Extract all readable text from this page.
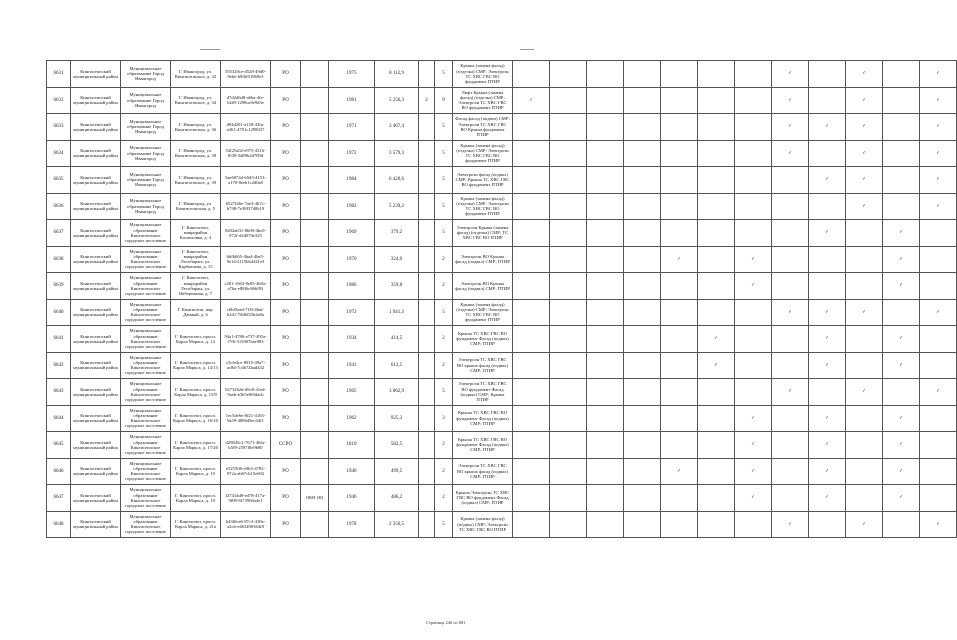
6631	Кингисеппский муниципальный район	Муниципальное образование Город Ивангород	Г. Ивангород, ул. Кингисеппское, д. 32	555320ce-d528-49d0-9ebe-b9f6f01969e3	РО		1975	8 112,9		5	Крыша (замена фасад) (отделка) СМР; Электроэн ТС ХВС ГВС ВО фундамент ПТИР								✓		✓		✓
6632	Кингисеппский муниципальный район	Муниципальное образование Город Ивангород	Г. Ивангород, ул. Кингисеппское, д. 34	d7d2d6d8-a6ba-4fe-bf28-1298ca9e9d3e	РО		1981	5 256,3	2	9	Лифт Крыша (замена фасад) (отделка) СМР; Электроэн ТС ХВС ГВС ВО фундамент ПТИР	✓							✓		✓		✓
6633	Кингисеппский муниципальный район	Муниципальное образование Город Ивангород	Г. Ивангород, ул. Кингисеппская, д. 36	d94d291-a158-43fa-a461-4701c1298037	РО		1971	3 467,4		5	Фасад фасад (подвал) СМР; Электроэн ТС ХВС ГВС ВО Крыша фундамент ПТИР								✓	✓	✓		✓
6634	Кингисеппский муниципальный район	Муниципальное образование Город Ивангород	Г. Ивангород, ул. Кингисеппская, д. 38	54f25a02-e975-4316-8f39-5d89b2d789d	РО		1972	3 579,3		5	Крыша (замена фасад) (отделка) СМР; Электроэн ТС ХВС ГВС ВО фундамент ПТИР								✓		✓		✓
6635	Кингисеппский муниципальный район	Муниципальное образование Город Ивангород	Г. Ивангород, ул. Кингисеппское, д. 39	5ae6074d-b5d3-4153-a170-8eeb1c2d0a8	РО		1984	6 420,6		5	Электроэн фасад (подвал) СМР; Крыша ТС ХВС ГВС ВО фундамент ПТИР									✓	✓		✓
6636	Кингисеппский муниципальный район	Муниципальное образование Город Ивангород	Г. Ивангород, ул. Кингисеппская, д. 5	6527f46e-7ae3-4b7c-b798-7e38f37d0b19	РО		1982	5 239,2		5	Крыша (замена фасад) (отделка) СМР; Электроэн ТС ХВС ГВС ВО фундамент ПТИР										✓		✓
6637	Кингисеппский муниципальный район	Муниципальное образование Кингисеппское городское поселение	Г. Кингисепп, микрорайон Касколовка, д. 4	8202a631-8b00-4bc0-972f-d2d070e325	РО		1969	379,2		5	Электроэн Крыша (замена фасад) (отделка) СМР; ТС ХВС ГВС ВО ПТИР									✓		✓	
6638	Кингисеппский муниципальный район	Муниципальное образование Кингисеппское городское поселение	Г. Кингисепп, микрорайон Лесобиржа, ул. Карбышева, д. 15	b6fb065-4ba4-4be5-9e14-2115bb4441e3	РО		1970	324,0		2	Электроэн ВО Крыша фасад (подвал) СМР; ПТИР					✓		✓				✓	
6639	Кингисеппский муниципальный район	Муниципальное образование Кингисеппское городское поселение	Г. Кингисепп, микрорайон Лесобиржа, ул. Набережная, д. 7	c281-1663-8e83-4b9a-a7ba-e88f6c866f93	РО		1986	359,8		2	Электроэн ВО Крыша фасад (подвал) СМР; ПТИР							✓				✓	
6640	Кингисеппский муниципальный район	Муниципальное образование Кингисеппское городское поселение	Г. Кингисепп, пер. Дачный, д. 6	c6bf5ead-7f3f-4baf-b241-7fb8d35b4a9a	РО		1972	1 941,3		5	Крыша (замена фасад) (отделка) СМР; Электроэн ТС ХВС ГВС ВО фундамент ПТИР								✓	✓	✓		✓
6641	Кингисеппский муниципальный район	Муниципальное образование Кингисеппское городское поселение	Г. Кингисепп, просп. Карла Маркса, д. 12	94a1-4786-a737-495a-f7f6-3159076ae983	РО		1934	414,5		2	Крыша ТС ХВС ГВС ВО фундамент Фасад (подвал) СМР; ПТИР						✓			✓		✓	
6642	Кингисеппский муниципальный район	Муниципальное образование Кингисеппское городское поселение	Г. Кингисепп, просп. Карла Маркса, д. 14/13	c5cfe4ce-8815-49a7-ac8d-7c4b72bad432	РО		1941	612,5		2	Электроэн ТС ХВС ГВС ВО крыша фасад (подвал) СМР; ПТИР						✓			✓		✓	
6643	Кингисеппский муниципальный район	Муниципальное образование Кингисеппское городское поселение	Г. Кингисепп, просп. Карла Маркса, д. 15/8	0273262d-d9c8-41ed-9aeb-b3b5e00fdacb	РО		1965	3 062,9		5	Электроэн ТС ХВС ГВС ВО фундамент Фасад (подвал) СМР; Крыша ПТИР								✓		✓		✓
6644	Кингисеппский муниципальный район	Муниципальное образование Кингисеппское городское поселение	Г. Кингисепп, просп. Карла Маркса, д. 16/10	1ec5de6e-8f21-4163-9a59-4006d9ec64f1	РО		1962	925,3		3	Крыша ТС ХВС ГВС ВО фундамент Фасад (подвал) СМР; ПТИР							✓		✓		✓	
6645	Кингисеппский муниципальный район	Муниципальное образование Кингисеппское городское поселение	Г. Кингисепп, просп. Карла Маркса, д. 17/20	d29845c2-7671-46fa-b5f9-2597f8e9b80	ССРО		1810	582,5		2	Крыша ТС ХВС ГВС ВО фундамент Фасад (подвал) СМР; ПТИР							✓		✓		✓	
6646	Кингисеппский муниципальный район	Муниципальное образование Кингисеппское городское поселение	Г. Кингисепп, просп. Карла Маркса, д. 19	e5255ff6-e9b3-4782-972a-ab67cb15e692	РО		1940	499,5		2	Электроэн ТС ХВС ГВС ВО крыша фасад (подвал) СМР; ПТИР					✓		✓		✓		✓	
6647	Кингисеппский муниципальный район	Муниципальное образование Кингисеппское городское поселение	Г. Кингисепп, просп. Карла Маркса, д. 19	f2741dd8-ed78-417a-9f09-6f73960a4e1	РО	ОКН (Ф)	1946	486,2		2	Крыша Электроэн ТС ХВС ГВС ВО фундамент Фасад (подвал) СМР; ПТИР							✓		✓		✓	
6648	Кингисеппский муниципальный район	Муниципальное образование Кингисеппское городское поселение	Г. Кингисепп, просп. Карла Маркса, д. 21а	b43f0ce6-87c3-438e-a2cb-e463490364f8	РО		1978	2 356,5		5	Крыша (замена фасад) (подвал) СМР; Электроэн ТС ХВС ГВС ВО ПТИР								✓		✓		✓
Страница 246 из 681
